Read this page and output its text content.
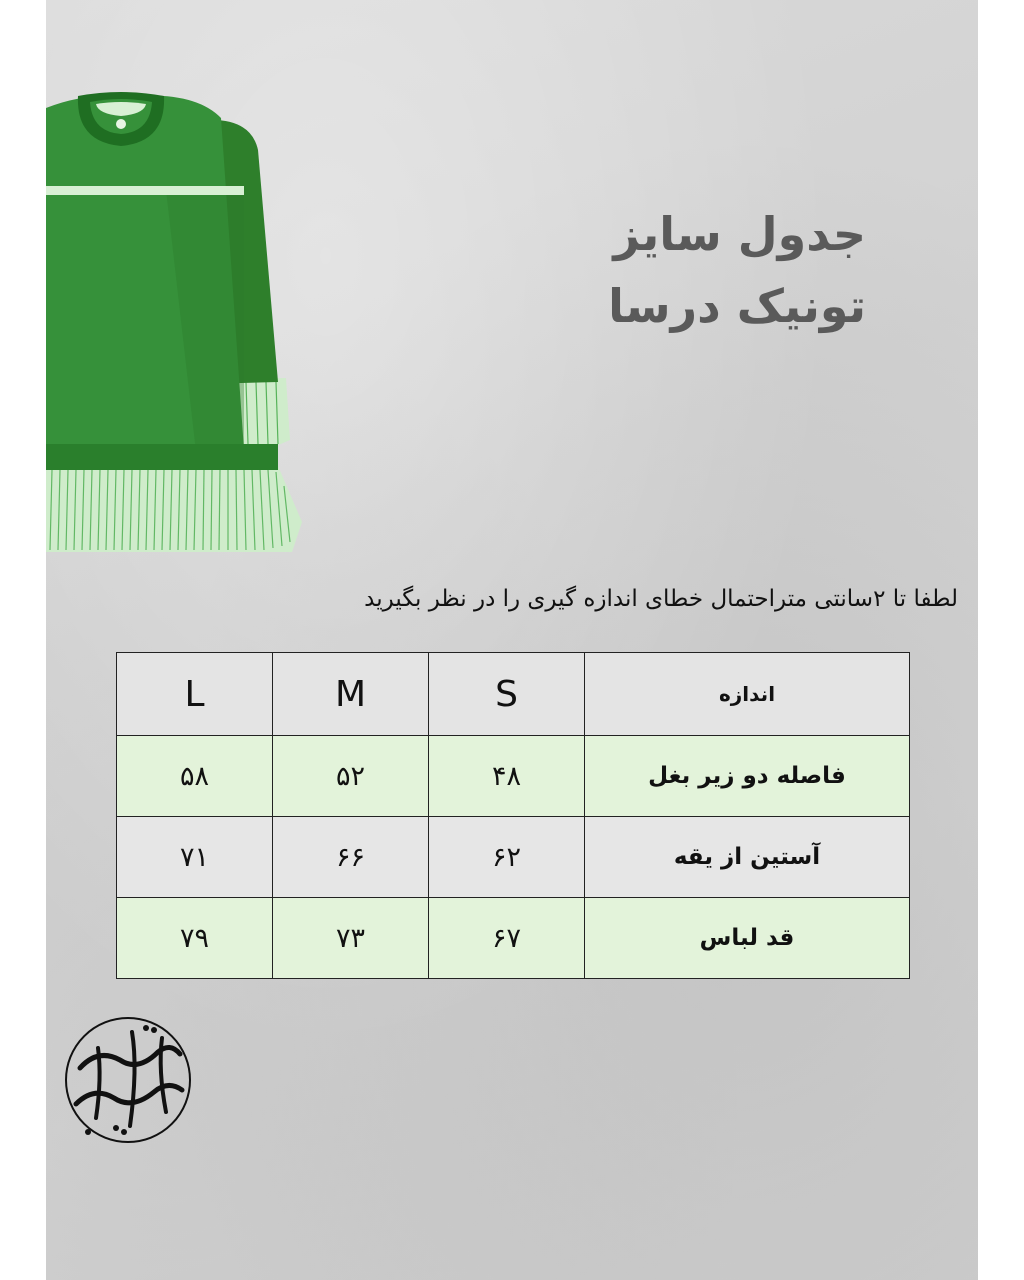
جدول سایز
تونیک درسا
لطفا تا ۲سانتی متراحتمال خطای اندازه گیری را در نظر بگیرید
L	M	S	اندازه
۵۸	۵۲	۴۸	فاصله دو زیر بغل
۷۱	۶۶	۶۲	آستین از یقه
۷۹	۷۳	۶۷	قد لباس
